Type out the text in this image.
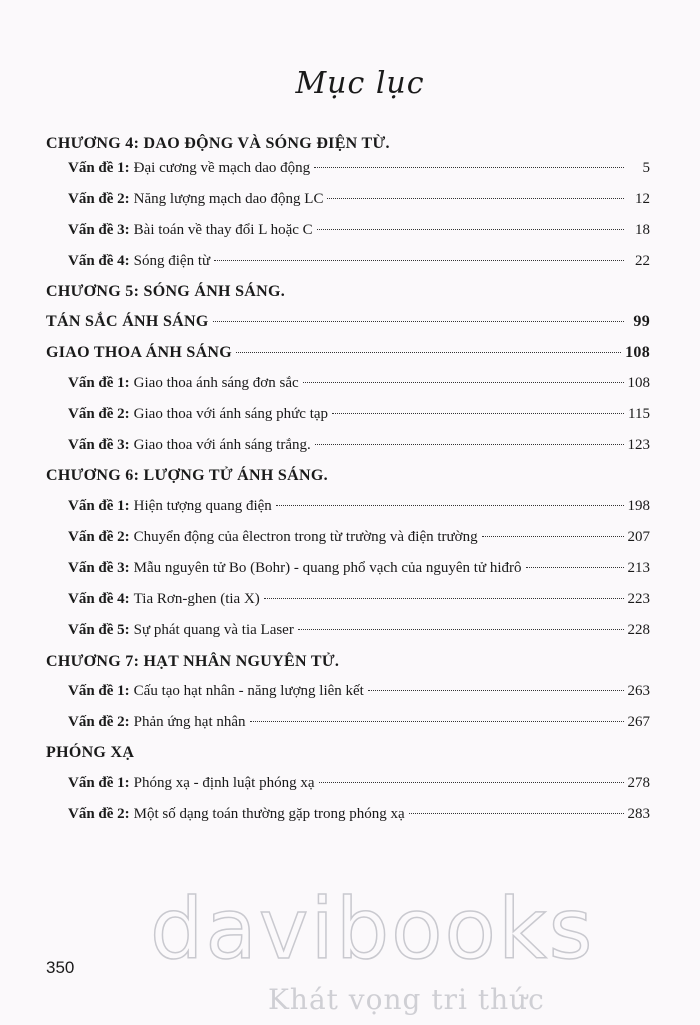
Mục lục
CHƯƠNG 4: DAO ĐỘNG VÀ SÓNG ĐIỆN TỪ.
Vấn đề 1: Đại cương về mạch dao động	5
Vấn đề 2: Năng lượng mạch dao động LC	12
Vấn đề 3: Bài toán về thay đổi L hoặc C	18
Vấn đề 4: Sóng điện từ	22
CHƯƠNG 5: SÓNG ÁNH SÁNG.
TÁN SẮC ÁNH SÁNG	99
GIAO THOA ÁNH SÁNG	108
Vấn đề 1: Giao thoa ánh sáng đơn sắc	108
Vấn đề 2: Giao thoa với ánh sáng phức tạp	115
Vấn đề 3: Giao thoa với ánh sáng trắng.	123
CHƯƠNG 6: LƯỢNG TỬ ÁNH SÁNG.
Vấn đề 1: Hiện tượng quang điện	198
Vấn đề 2: Chuyển động của êlectron trong từ trường và điện trường	207
Vấn đề 3: Mẫu nguyên tử Bo (Bohr) - quang phổ vạch của nguyên tử hiđrô	213
Vấn đề 4: Tia Rơn-ghen (tia X)	223
Vấn đề 5: Sự phát quang và tia Laser	228
CHƯƠNG 7: HẠT NHÂN NGUYÊN TỬ.
Vấn đề 1: Cấu tạo hạt nhân - năng lượng liên kết	263
Vấn đề 2: Phản ứng hạt nhân	267
PHÓNG XẠ
Vấn đề 1: Phóng xạ - định luật phóng xạ	278
Vấn đề 2: Một số dạng toán thường gặp trong phóng xạ	283
350 davibooks
Khát vọng tri thức
